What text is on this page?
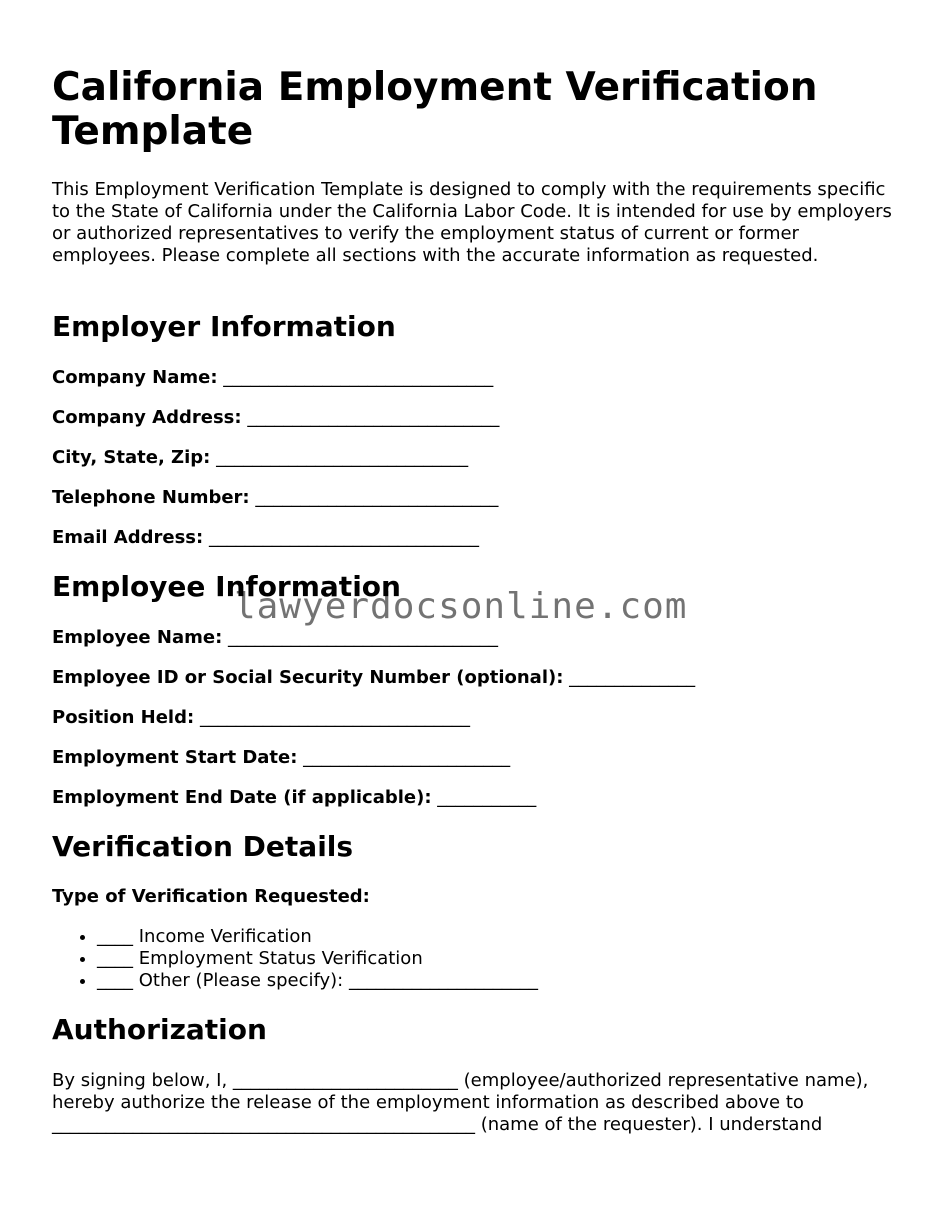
California Employment Verification Template

This Employment Verification Template is designed to comply with the requirements specific to the State of California under the California Labor Code. It is intended for use by employers or authorized representatives to verify the employment status of current or former employees. Please complete all sections with the accurate information as requested.

Employer Information

Company Name: ______________________________

Company Address: ____________________________

City, State, Zip: ____________________________

Telephone Number: ___________________________

Email Address: ______________________________

Employee Information

Employee Name: ______________________________

Employee ID or Social Security Number (optional): ______________

Position Held: ______________________________

Employment Start Date: _______________________

Employment End Date (if applicable): ___________

Verification Details

Type of Verification Requested:

• ____ Income Verification
• ____ Employment Status Verification
• ____ Other (Please specify): _____________________
Authorization

By signing below, I, _________________________ (employee/authorized representative name), hereby authorize the release of the employment information as described above to _______________________________________________ (name of the requester). I understand

lawyerdocsonline.com
